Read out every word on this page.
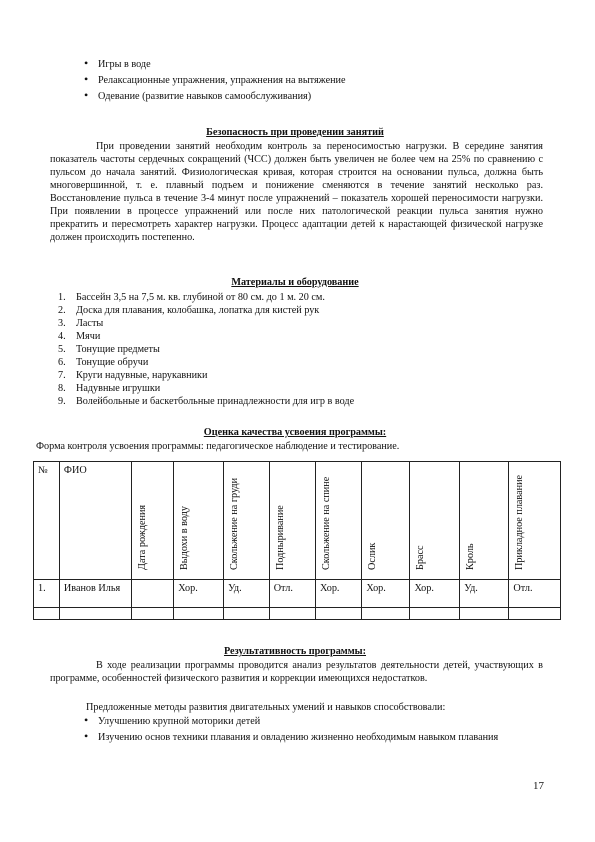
• Игры в воде
• Релаксационные упражнения, упражнения на вытяжение
• Одевание (развитие навыков самообслуживания)
Безопасность при проведении занятий

При проведении занятий необходим контроль за переносимостью нагрузки. В середине занятия показатель частоты сердечных сокращений (ЧСС) должен быть увеличен не более чем на 25% по сравнению с пульсом до начала занятий. Физиологическая кривая, которая строится на основании пульса, должна быть многовершинной, т. е. плавный подъем и понижение сменяются в течение занятий несколько раз. Восстановление пульса в течение 3-4 минут после упражнений – показатель хорошей переносимости нагрузки. При появлении в процессе упражнений или после них патологической реакции пульса занятия нужно прекратить и пересмотреть характер нагрузки. Процесс адаптации детей к нарастающей физической нагрузке должен происходить постепенно.

Материалы и оборудование
1. Бассейн 3,5 на 7,5 м. кв. глубиной от 80 см. до 1 м. 20 см.
2. Доска для плавания, колобашка, лопатка для кистей рук
3. Ласты
4. Мячи
5. Тонущие предметы
6. Тонущие обручи
7. Круги надувные, нарукавники
8. Надувные игрушки
9. Волейбольные и баскетбольные принадлежности для игр в воде
Оценка качества усвоения программы:

Форма контроля усвоения программы: педагогическое наблюдение и тестирование.

№	ФИО	Дата рождения	Выдохи в воду	Скольжение на груди	Подныривание	Скольжение на спине	Ослик	Брасс	Кроль	Прикладное плавание

1.	Иванов Илья		Хор.	Уд.	Отл.	Хор.	Хор.	Хор.	Уд.	Отл.

Результативность программы:

В ходе реализации программы проводится анализ результатов деятельности детей, участвующих в программе, особенностей физического развития и коррекции имеющихся недостатков.

Предложенные методы развития двигательных умений и навыков способствовали:

• Улучшению крупной моторики детей
• Изучению основ техники плавания и овладению жизненно необходимым навыком плавания
17
